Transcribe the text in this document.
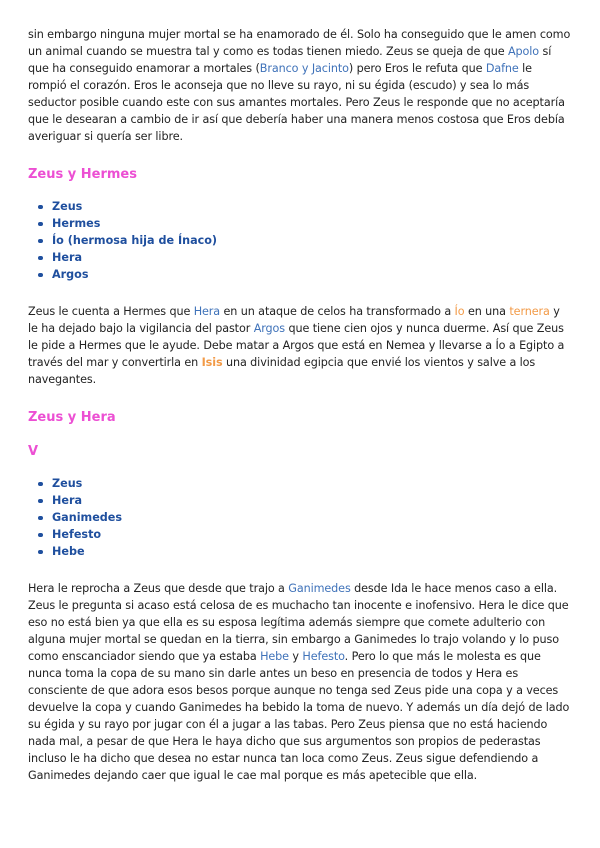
sin embargo ninguna mujer mortal se ha enamorado de él. Solo ha conseguido que le amen como un animal cuando se muestra tal y como es todas tienen miedo. Zeus se queja de que Apolo sí que ha conseguido enamorar a mortales (Branco y Jacinto) pero Eros le refuta que Dafne le rompió el corazón. Eros le aconseja que no lleve su rayo, ni su égida (escudo) y sea lo más seductor posible cuando este con sus amantes mortales. Pero Zeus le responde que no aceptaría que le desearan a cambio de ir así que debería haber una manera menos costosa que Eros debía averiguar si quería ser libre.

Zeus y Hermes
Zeus
Hermes
Ío (hermosa hija de Ínaco)
Hera
Argos

Zeus le cuenta a Hermes que Hera en un ataque de celos ha transformado a Ío en una ternera y le ha dejado bajo la vigilancia del pastor Argos que tiene cien ojos y nunca duerme. Así que Zeus le pide a Hermes que le ayude. Debe matar a Argos que está en Nemea y llevarse a Ío a Egipto a través del mar y convertirla en Isis una divinidad egipcia que envié los vientos y salve a los navegantes.

Zeus y Hera
V
Zeus
Hera
Ganimedes
Hefesto
Hebe

Hera le reprocha a Zeus que desde que trajo a Ganimedes desde Ida le hace menos caso a ella. Zeus le pregunta si acaso está celosa de es muchacho tan inocente e inofensivo. Hera le dice que eso no está bien ya que ella es su esposa legítima además siempre que comete adulterio con alguna mujer mortal se quedan en la tierra, sin embargo a Ganimedes lo trajo volando y lo puso como enscanciador siendo que ya estaba Hebe y Hefesto. Pero lo que más le molesta es que nunca toma la copa de su mano sin darle antes un beso en presencia de todos y Hera es consciente de que adora esos besos porque aunque no tenga sed Zeus pide una copa y a veces devuelve la copa y cuando Ganimedes ha bebido la toma de nuevo. Y además un día dejó de lado su égida y su rayo por jugar con él a jugar a las tabas. Pero Zeus piensa que no está haciendo nada mal, a pesar de que Hera le haya dicho que sus argumentos son propios de pederastas incluso le ha dicho que desea no estar nunca tan loca como Zeus. Zeus sigue defendiendo a Ganimedes dejando caer que igual le cae mal porque es más apetecible que ella.
